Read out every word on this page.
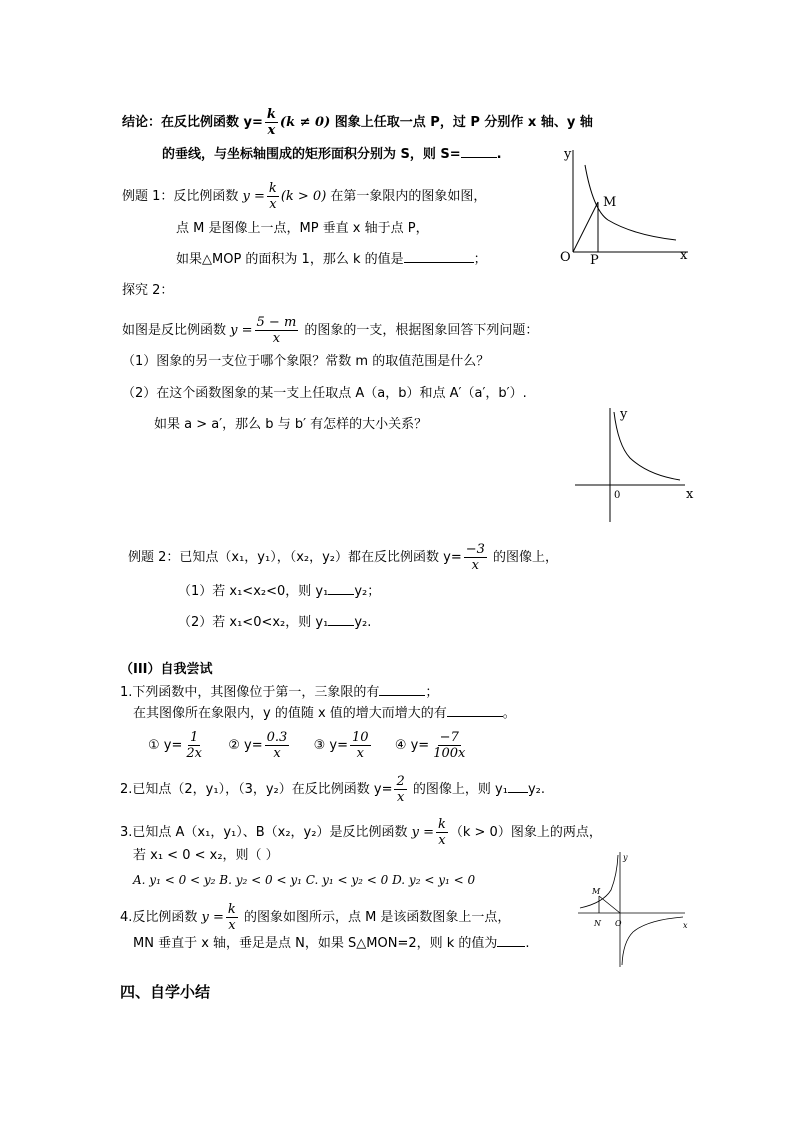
结论：在反比例函数 $y= \frac{k}{x} (k \ne 0)$ 图象上任取一点 P，过 P 分别作 x 轴、y 轴
的垂线，与坐标轴围成的矩形面积分别为 S，则 S=	.
例题 1：反比例函数 $y = \frac{k}{x} (k > 0)$ 在第一象限内的图象如图，
点 M 是图像上一点，MP 垂直 x 轴于点 P，
如果△MOP 的面积为 1，那么 k 的值是	；
y
x
O
M
P
探究 2：
如图是反比例函数 $y = \frac{5 - m}{x}$ 的图象的一支，根据图象回答下列问题：
（1）图象的另一支位于哪个象限？常数 m 的取值范围是什么？
（2）在这个函数图象的某一支上任取点 A（a，b）和点 A′（a′，b′）.
如果 a > a′，那么 b 与 b′ 有怎样的大小关系？
y
x
0
例题 2：已知点（x₁，y₁），（x₂，y₂）都在反比例函数 $y= \frac{-3}{x}$ 的图像上，
（1）若 x₁<x₂<0，则 y₁ y₂；
（2）若 x₁<0<x₂，则 y₁ y₂.
（III）自我尝试
1.下列函数中，其图像位于第一，三象限的有	；
在其图像所在象限内，y 的值随 x 值的增大而增大的有	。
① $y= \frac{1}{2x}$ ② $y= \frac{0.3}{x}$ ③ $y= \frac{10}{x}$ ④ $y= \frac{-7}{100x}$
2.已知点（2，y₁），（3，y₂）在反比例函数 $y= \frac{2}{x}$ 的图像上，则 y₁ y₂.
3.已知点 A（x₁，y₁）、B（x₂，y₂）是反比例函数 $y = \frac{k}{x} (k > 0)$图象上的两点，
若 x₁ < 0 < x₂，则（ ）
A. y₁ < 0 < y₂ B. y₂ < 0 < y₁ C. y₁ < y₂ < 0 D. y₂ < y₁ < 0
4.反比例函数 $y = \frac{k}{x}$ 的图象如图所示，点 M 是该函数图象上一点，
MN 垂直于 x 轴，垂足是点 N，如果 S△MON=2，则 k 的值为 .
y
x
O
M
N
四、自学小结
